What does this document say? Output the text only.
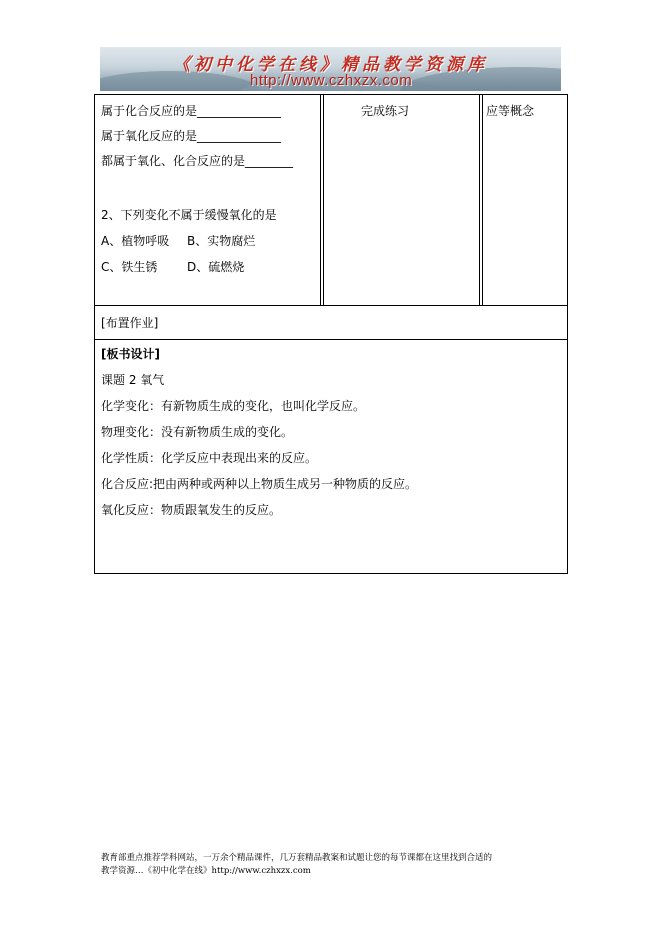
《初中化学在线》精品教学资源库
http://www.czhxzx.com
属于化合反应的是______________
属于氧化反应的是______________
都属于氧化、化合反应的是________
2、下列变化不属于缓慢氧化的是
A、植物呼吸 B、实物腐烂
C、铁生锈 D、硫燃烧
完成练习	应等概念
[布置作业]
[板书设计]
课题 2 氧气
化学变化：有新物质生成的变化，也叫化学反应。
物理变化：没有新物质生成的变化。
化学性质：化学反应中表现出来的反应。
化合反应:把由两种或两种以上物质生成另一种物质的反应。
氧化反应：物质跟氧发生的反应。
教育部重点推荐学科网站，一万余个精品课件，几万套精品教案和试题让您的每节课都在这里找到合适的
教学资源…《初中化学在线》http://www.czhxzx.com
